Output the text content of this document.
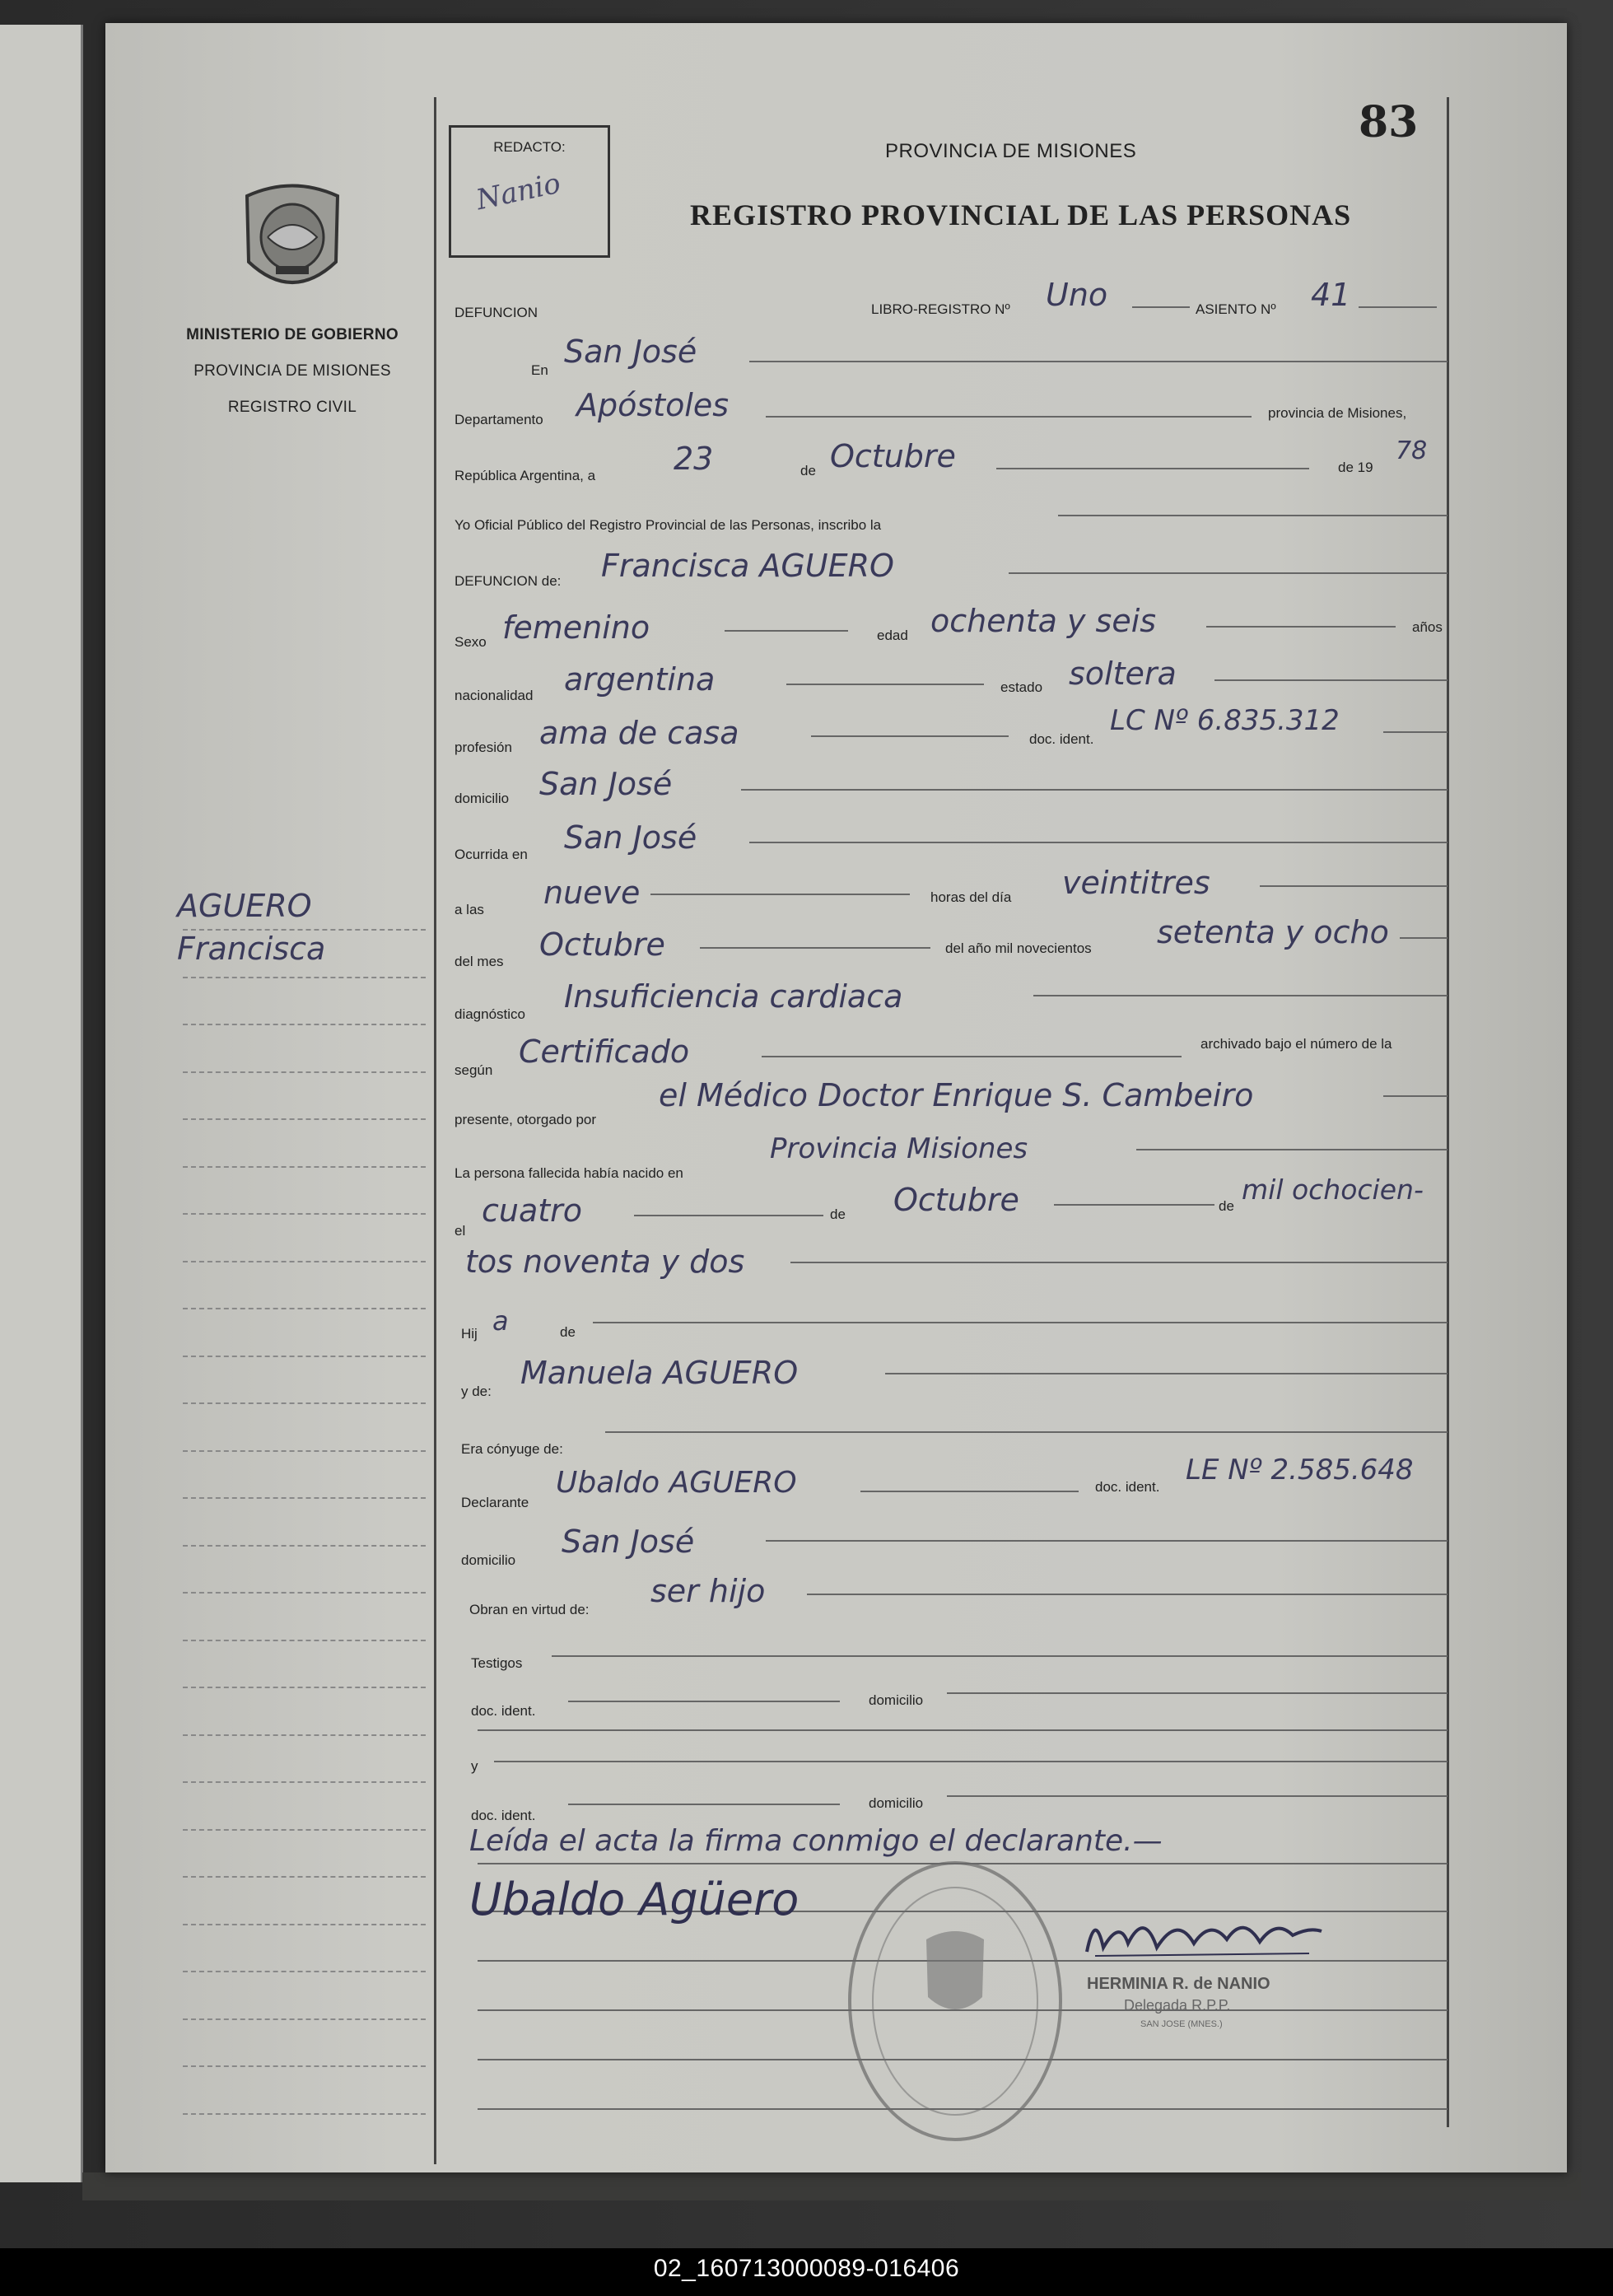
MINISTERIO DE GOBIERNO
PROVINCIA DE MISIONES
REGISTRO CIVIL
REDACTO:
Nanio
83
PROVINCIA DE MISIONES
REGISTRO PROVINCIAL DE LAS PERSONAS
AGUERO
Francisca
DEFUNCION	LIBRO-REGISTRO Nº Uno	ASIENTO Nº 41
En
San José
Departamento Apóstoles	provincia de Misiones,
República Argentina, a 23	de Octubre	de 19
78
Yo Oficial Público del Registro Provincial de las Personas, inscribo la
DEFUNCION de: Francisca AGUERO
Sexo femenino	edad ochenta y seis	años
nacionalidad argentina	estado soltera
profesión ama de casa	doc. ident.
LC Nº 6.835.312
domicilio San José
Ocurrida en San José
a las nueve	horas del día veintitres
del mes Octubre	del año mil novecientos setenta y ocho
diagnóstico Insuficiencia cardiaca
según
Certificado	archivado bajo el número de la
presente, otorgado por
el Médico Doctor Enrique S. Cambeiro
La persona fallecida había nacido en
Provincia Misiones
el
cuatro	de Octubre	de
mil ochocien-
tos noventa y dos
Hij a	de
y de:
Manuela AGUERO
Era cónyuge de:
Declarante
Ubaldo AGUERO	doc. ident.
LE Nº 2.585.648
domicilio
San José
Obran en virtud de:
ser hijo
Testigos
doc. ident.
domicilio
y
doc. ident.
domicilio
Leída el acta la firma conmigo el declarante.—
Ubaldo Agüero
HERMINIA R. de NANIO
Delegada R.P.P.
SAN JOSE (MNES.)
02_160713000089-016406
